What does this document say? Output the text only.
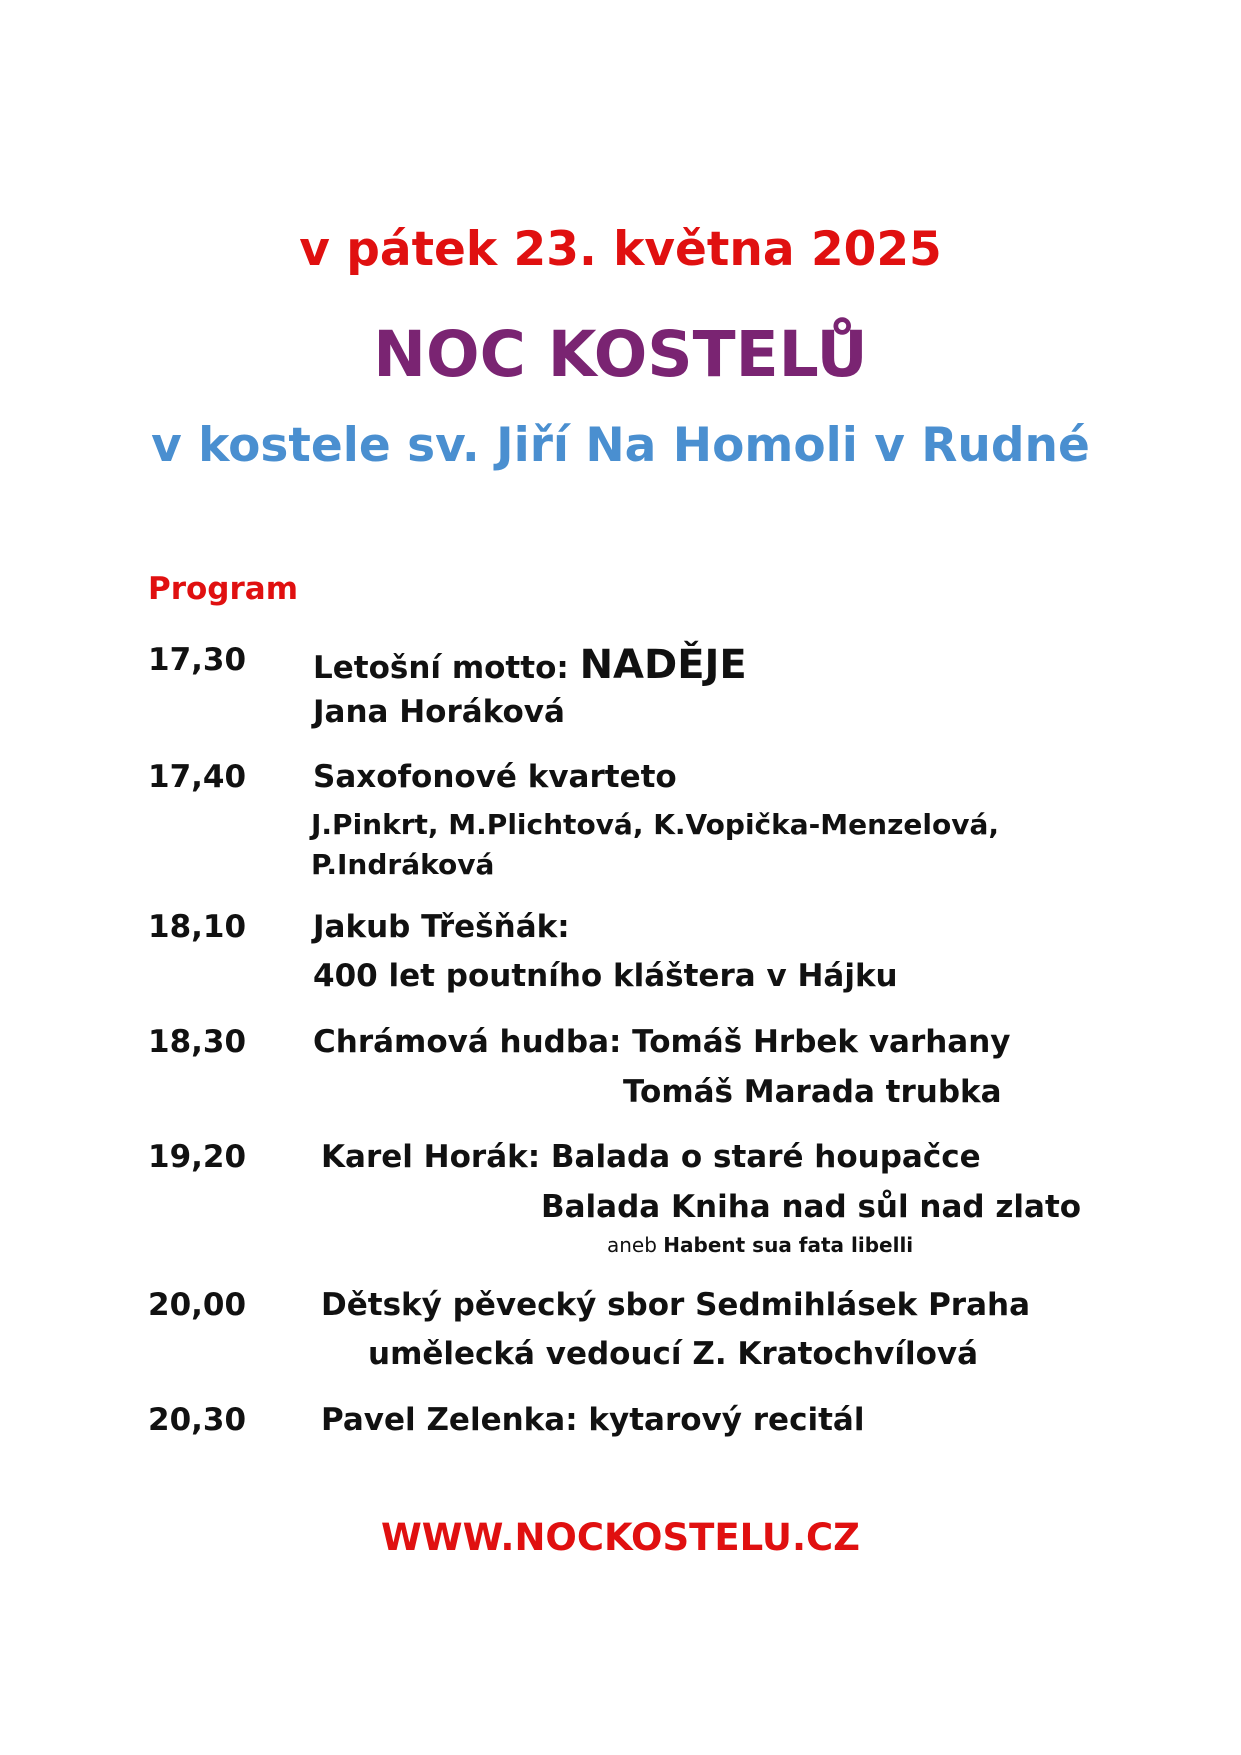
v pátek 23. května 2025
NOC KOSTELŮ
v kostele sv. Jiří Na Homoli v Rudné
Program
17,30 Letošní motto: NADĚJE
Jana Horáková
17,40 Saxofonové kvarteto
J.Pinkrt, M.Plichtová, K.Vopička-Menzelová,
P.Indráková
18,10 Jakub Třešňák:
400 let poutního kláštera v Hájku
18,30 Chrámová hudba: Tomáš Hrbek varhany
Tomáš Marada trubka
19,20 Karel Horák: Balada o staré houpačce
Balada Kniha nad sůl nad zlato
aneb Habent sua fata libelli
20,00 Dětský pěvecký sbor Sedmihlásek Praha
umělecká vedoucí Z. Kratochvílová
20,30 Pavel Zelenka: kytarový recitál
WWW.NOCKOSTELU.CZ
